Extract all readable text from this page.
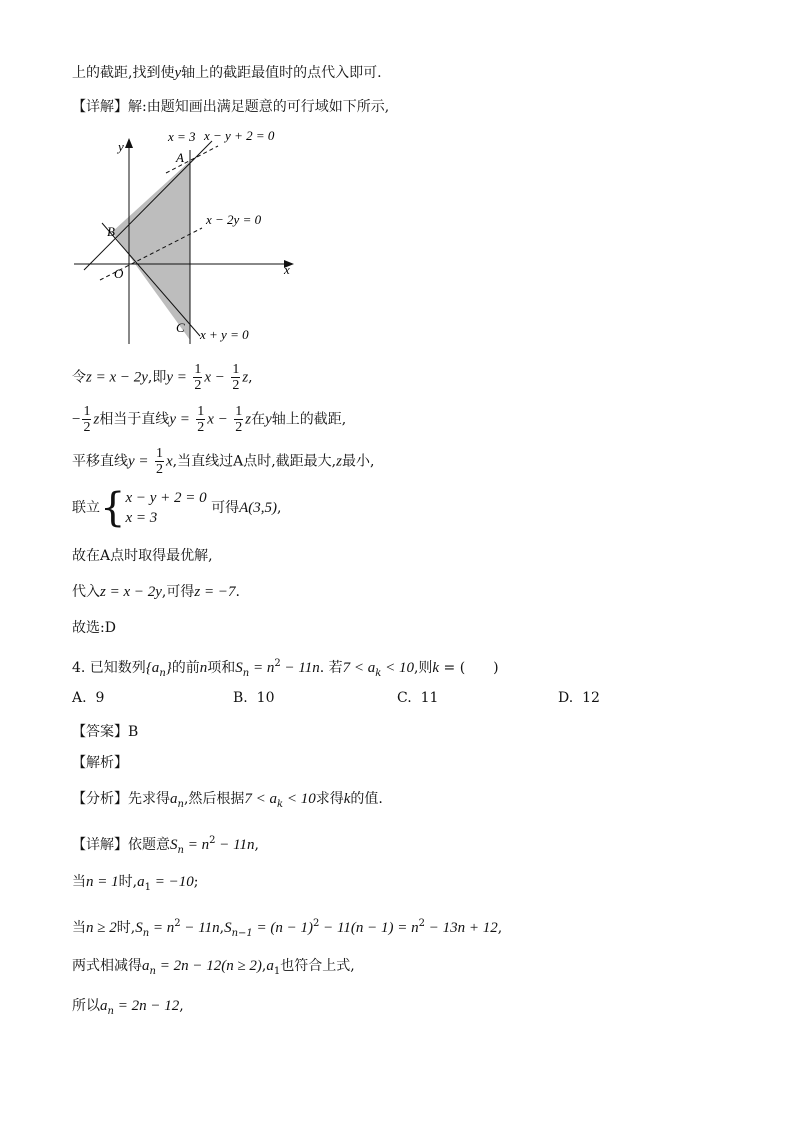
上的截距,找到使y轴上的截距最值时的点代入即可.
【详解】解:由题知画出满足题意的可行域如下所示,
x = 3 x − y + 2 = 0
x − 2y = 0
x + y = 0
A
B
C
O	x
y
令z = x − 2y,即$y = \frac{1}{2}$ $x - \frac{1}{2} z$,
− $\frac{1}{2}$ z相当于直线$y = \frac{1}{2}$ $x - \frac{1}{2}$ z在y轴上的截距,
平移直线$y = \frac{1}{2} x$,当直线过A点时,截距最大,z最小,
联立{ x − y + 2 = 0
x = 3
可得A(3,5),
故在A点时取得最优解,
代入z = x − 2y,可得z = −7.
故选:D
4. 已知数列$\{a_n\}$的前n项和$S_n = n^2 - 11n$. 若$7 < a_k < 10$,则k = (　　)
A. 9	B. 10	C. 11	D. 12
【答案】B
【解析】
【分析】先求得$a_n$,然后根据$7 < a_k < 10$求得k的值.
【详解】依题意$S_n = n^2 - 11n$,
当n = 1时$,a_1 = -10$;
当n ≥ 2时$,S_n = n^2 - 11n,S_{n-1} = (n - 1)^2 - 11(n - 1) = n^2 - 13n + 12$,
两式相减得$a_n = 2n - 12(n \ge 2),a_1$也符合上式,
所以$a_n = 2n - 12$,
